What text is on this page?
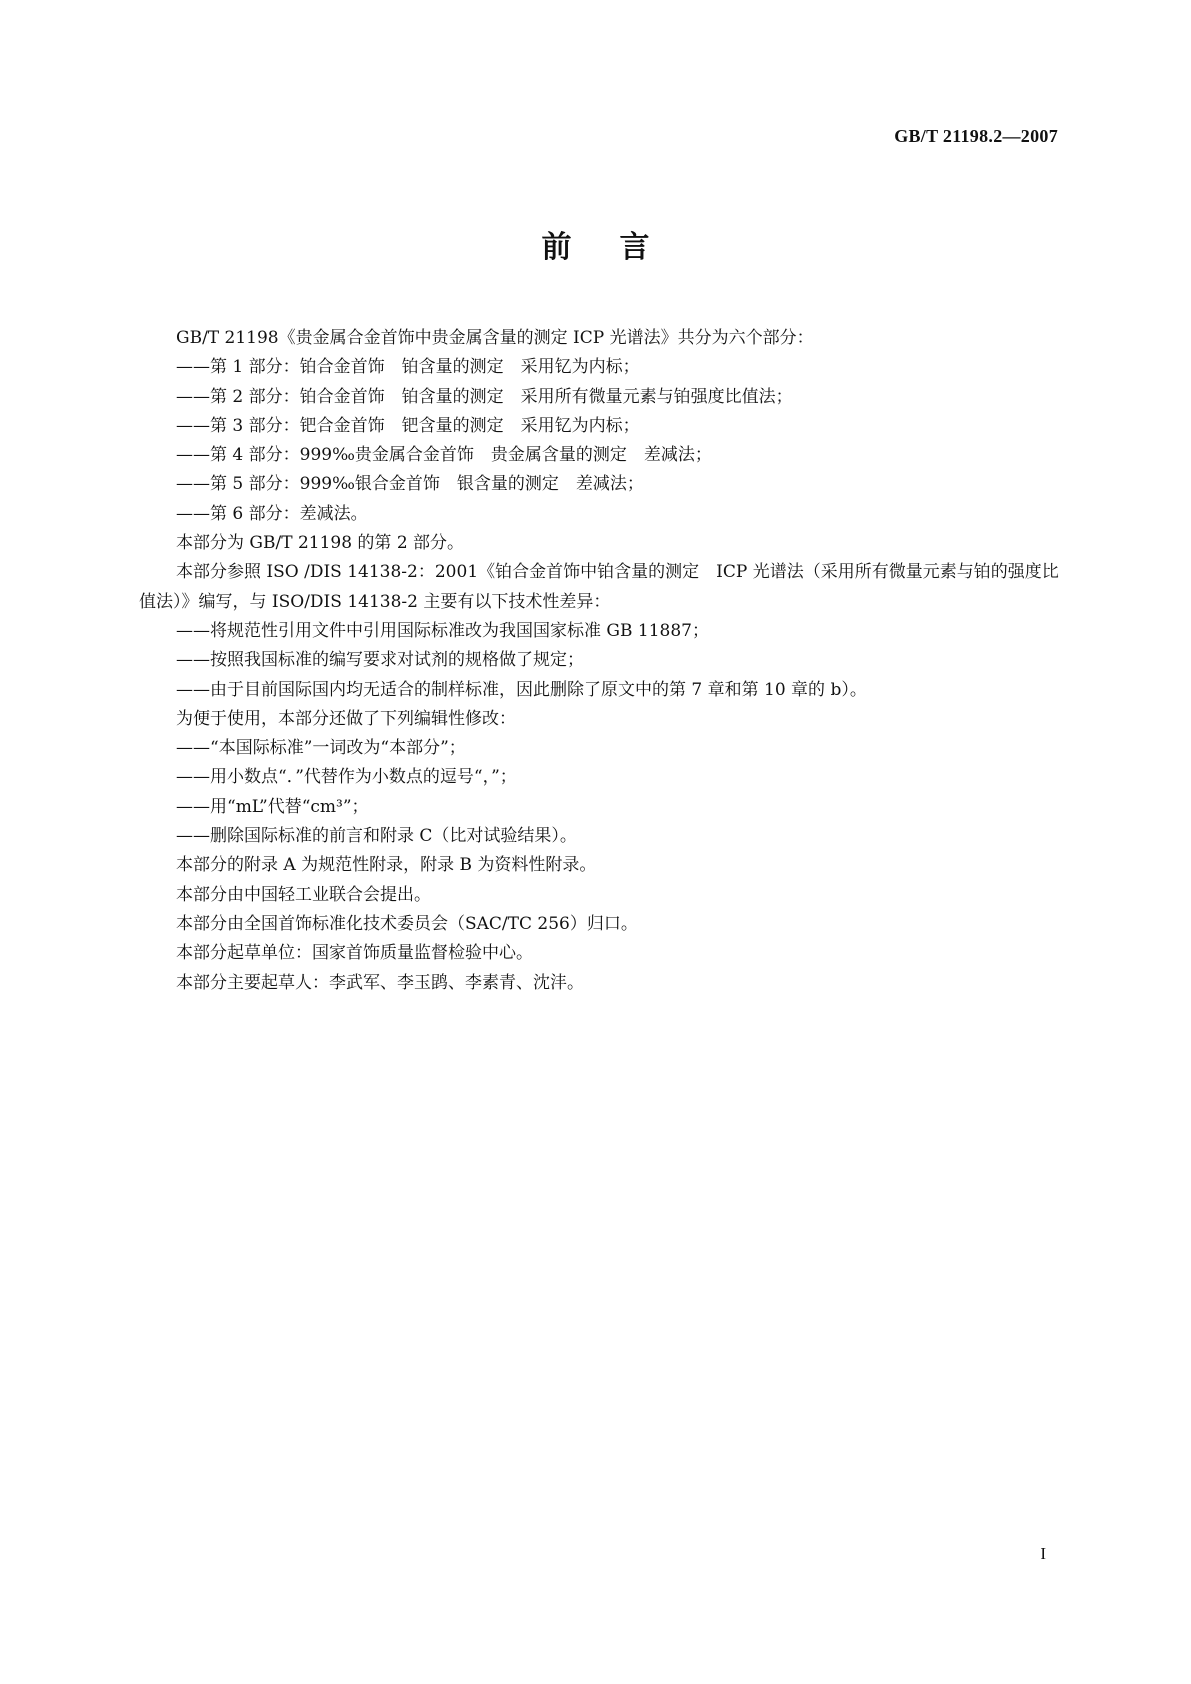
GB/T 21198.2—2007
前言

GB/T 21198《贵金属合金首饰中贵金属含量的测定 ICP 光谱法》共分为六个部分：

——第 1 部分：铂合金首饰　铂含量的测定　采用钇为内标；

——第 2 部分：铂合金首饰　铂含量的测定　采用所有微量元素与铂强度比值法；

——第 3 部分：钯合金首饰　钯含量的测定　采用钇为内标；

——第 4 部分：999‰贵金属合金首饰　贵金属含量的测定　差减法；

——第 5 部分：999‰银合金首饰　银含量的测定　差减法；

——第 6 部分：差减法。

本部分为 GB/T 21198 的第 2 部分。

本部分参照 ISO /DIS 14138-2：2001《铂合金首饰中铂含量的测定　ICP 光谱法（采用所有微量元素与铂的强度比值法）》编写，与 ISO/DIS 14138-2 主要有以下技术性差异：

——将规范性引用文件中引用国际标准改为我国国家标准 GB 11887；

——按照我国标准的编写要求对试剂的规格做了规定；

——由于目前国际国内均无适合的制样标准，因此删除了原文中的第 7 章和第 10 章的 b）。

为便于使用，本部分还做了下列编辑性修改：

——“本国际标准”一词改为“本部分”；

——用小数点“．”代替作为小数点的逗号“，”；

——用“mL”代替“cm³”；

——删除国际标准的前言和附录 C（比对试验结果）。

本部分的附录 A 为规范性附录，附录 B 为资料性附录。

本部分由中国轻工业联合会提出。

本部分由全国首饰标准化技术委员会（SAC/TC 256）归口。

本部分起草单位：国家首饰质量监督检验中心。

本部分主要起草人：李武军、李玉鹍、李素青、沈沣。

I
